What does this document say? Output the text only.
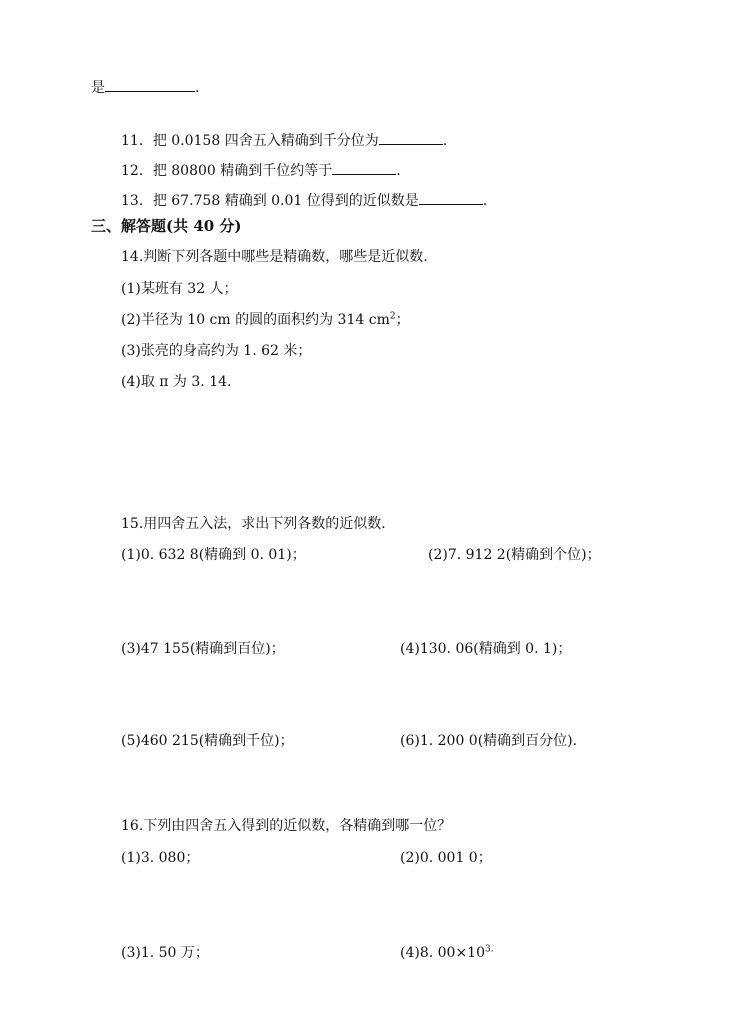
是	.
11．把 0.0158 四舍五入精确到千分位为	.
12．把 80800 精确到千位约等于	.
13．把 67.758 精确到 0.01 位得到的近似数是	.
三、解答题(共 40 分)
14.判断下列各题中哪些是精确数，哪些是近似数.
(1)某班有 32 人；
(2)半径为 10 cm 的圆的面积约为 314 $cm^2$；
(3)张亮的身高约为 1. 62 米；
(4)取 π 为 3. 14.
15.用四舍五入法，求出下列各数的近似数.
(1)0. 632 8(精确到 0. 01)；	(2)7. 912 2(精确到个位)；
(3)47 155(精确到百位)；	(4)130. 06(精确到 0. 1)；
(5)460 215(精确到千位)；	(6)1. 200 0(精确到百分位).
16.下列由四舍五入得到的近似数，各精确到哪一位？
(1)3. 080；	(2)0. 001 0；
(3)1. 50 万；	(4)8. $00\times 10^{3.}$
